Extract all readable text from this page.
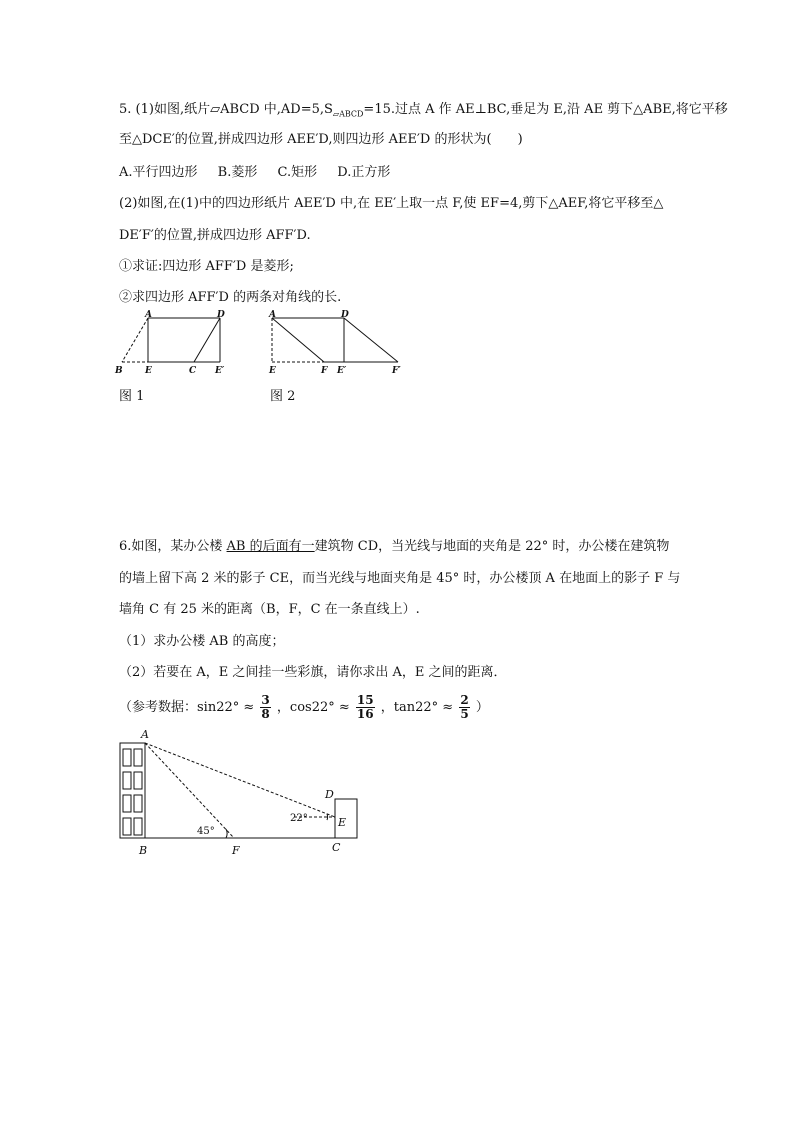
5. (1)如图,纸片▱ABCD 中$,AD=5,S_{▱ABCD}=15$.过点 A 作 AE⊥BC,垂足为 E,沿 AE 剪下△ABE,将它平移
至△DCE′的位置,拼成四边形 AEE′D,则四边形 AEE′D 的形状为(　　)
A.平行四边形 B.菱形 C.矩形 D.正方形
(2)如图,在(1)中的四边形纸片 AEE′D 中,在 EE′上取一点 F,使 EF=4,剪下△AEF,将它平移至△
DE′F′的位置,拼成四边形 AFF′D.
①求证:四边形 AFF′D 是菱形;
②求四边形 AFF′D 的两条对角线的长.
A	D
B E	C E′
图 1
A	D
E	F E′	F′
图 2
6.如图，某办公楼 AB 的后面有一建筑物 CD，当光线与地面的夹角是 22° 时，办公楼在建筑物
的墙上留下高 2 米的影子 CE，而当光线与地面夹角是 45° 时，办公楼顶 A 在地面上的影子 F 与
墙角 C 有 25 米的距离（B，F，C 在一条直线上）.
（1）求办公楼 AB 的高度；
（2）若要在 A，E 之间挂一些彩旗，请你求出 A，E 之间的距离．
（参考数据：$\sin 22^\circ \approx \frac{3}{8}$ ，$\cos 22^\circ \approx \frac{15}{16}$ ，$\tan 22^\circ \approx \frac{2}{5}$ ）
A
B	F	C
D
E
45°
22°
